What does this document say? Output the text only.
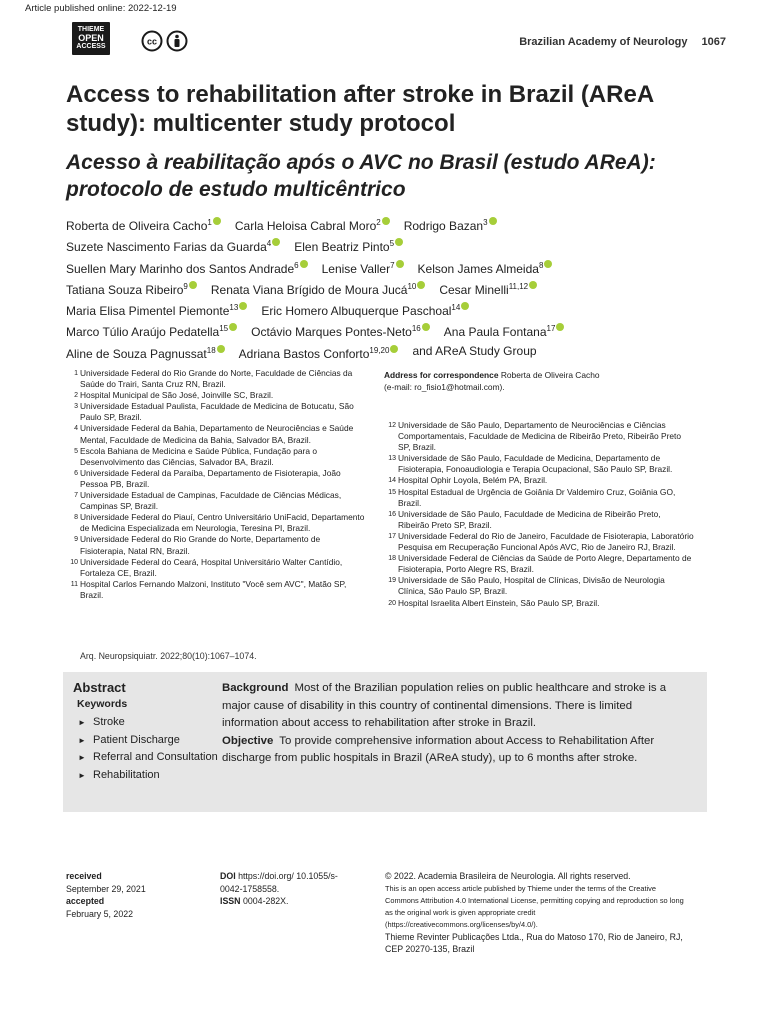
Article published online: 2022-12-19
THIEME
OPEN
ACCESS
cc	Brazilian Academy of Neurology 1067
Access to rehabilitation after stroke in Brazil (AReA study): multicenter study protocol
Acesso à reabilitação após o AVC no Brasil (estudo AReA): protocolo de estudo multicêntrico
Roberta de Oliveira Cacho$^1$	Carla Heloisa Cabral Moro$^2$	Rodrigo Bazan$^3$
Suzete Nascimento Farias da Guarda$^4$	Elen Beatriz Pinto$^5$
Suellen Mary Marinho dos Santos Andrade$^6$	Lenise Valler$^7$	Kelson James Almeida$^8$
Tatiana Souza Ribeiro$^9$	Renata Viana Brígido de Moura Jucá$^{10}$	Cesar Minelli$^{11,12}$
Maria Elisa Pimentel Piemonte$^{13}$	Eric Homero Albuquerque Paschoal$^{14}$
Marco Túlio Araújo Pedatella$^{15}$	Octávio Marques Pontes-Neto$^{16}$	Ana Paula Fontana$^{17}$
Aline de Souza Pagnussat$^{18}$	Adriana Bastos Conforto$^{19,20}$	and AReA Study Group
1 Universidade Federal do Rio Grande do Norte, Faculdade de Ciências da Saúde do Trairi, Santa Cruz RN, Brazil.
2 Hospital Municipal de São José, Joinville SC, Brazil.
3 Universidade Estadual Paulista, Faculdade de Medicina de Botucatu, São Paulo SP, Brazil.
4 Universidade Federal da Bahia, Departamento de Neurociências e Saúde Mental, Faculdade de Medicina da Bahia, Salvador BA, Brazil.
5 Escola Bahiana de Medicina e Saúde Pública, Fundação para o Desenvolvimento das Ciências, Salvador BA, Brazil.
6 Universidade Federal da Paraíba, Departamento de Fisioterapia, João Pessoa PB, Brazil.
7 Universidade Estadual de Campinas, Faculdade de Ciências Médicas, Campinas SP, Brazil.
8 Universidade Federal do Piauí, Centro Universitário UniFacid, Departamento de Medicina Especializada em Neurologia, Teresina PI, Brazil.
9 Universidade Federal do Rio Grande do Norte, Departamento de Fisioterapia, Natal RN, Brazil.
10 Universidade Federal do Ceará, Hospital Universitário Walter Cantídio, Fortaleza CE, Brazil.
11 Hospital Carlos Fernando Malzoni, Instituto "Você sem AVC", Matão SP, Brazil.
Address for correspondence Roberta de Oliveira Cacho
(e-mail: ro_fisio1@hotmail.com).
12 Universidade de São Paulo, Departamento de Neurociências e Ciências Comportamentais, Faculdade de Medicina de Ribeirão Preto, Ribeirão Preto SP, Brazil.
13 Universidade de São Paulo, Faculdade de Medicina, Departamento de Fisioterapia, Fonoaudiologia e Terapia Ocupacional, São Paulo SP, Brazil.
14 Hospital Ophir Loyola, Belém PA, Brazil.
15 Hospital Estadual de Urgência de Goiânia Dr Valdemiro Cruz, Goiânia GO, Brazil.
16 Universidade de São Paulo, Faculdade de Medicina de Ribeirão Preto, Ribeirão Preto SP, Brazil.
17 Universidade Federal do Rio de Janeiro, Faculdade de Fisioterapia, Laboratório Pesquisa em Recuperação Funcional Após AVC, Rio de Janeiro RJ, Brazil.
18 Universidade Federal de Ciências da Saúde de Porto Alegre, Departamento de Fisioterapia, Porto Alegre RS, Brazil.
19 Universidade de São Paulo, Hospital de Clínicas, Divisão de Neurologia Clínica, São Paulo SP, Brazil.
20 Hospital Israelita Albert Einstein, São Paulo SP, Brazil.
Arq. Neuropsiquiatr. 2022;80(10):1067–1074.
Abstract
Keywords
► Stroke
► Patient Discharge
► Referral and Consultation
► Rehabilitation
Background Most of the Brazilian population relies on public healthcare and stroke is a major cause of disability in this country of continental dimensions. There is limited information about access to rehabilitation after stroke in Brazil.
Objective To provide comprehensive information about Access to Rehabilitation After discharge from public hospitals in Brazil (AReA study), up to 6 months after stroke.
received
September 29, 2021
accepted
February 5, 2022
DOI https://doi.org/ 10.1055/s-0042-1758558.
ISSN 0004-282X.
© 2022. Academia Brasileira de Neurologia. All rights reserved.
This is an open access article published by Thieme under the terms of the Creative Commons Attribution 4.0 International License, permitting copying and reproduction so long as the original work is given appropriate credit (https://creativecommons.org/licenses/by/4.0/).
Thieme Revinter Publicações Ltda., Rua do Matoso 170, Rio de Janeiro, RJ, CEP 20270-135, Brazil
